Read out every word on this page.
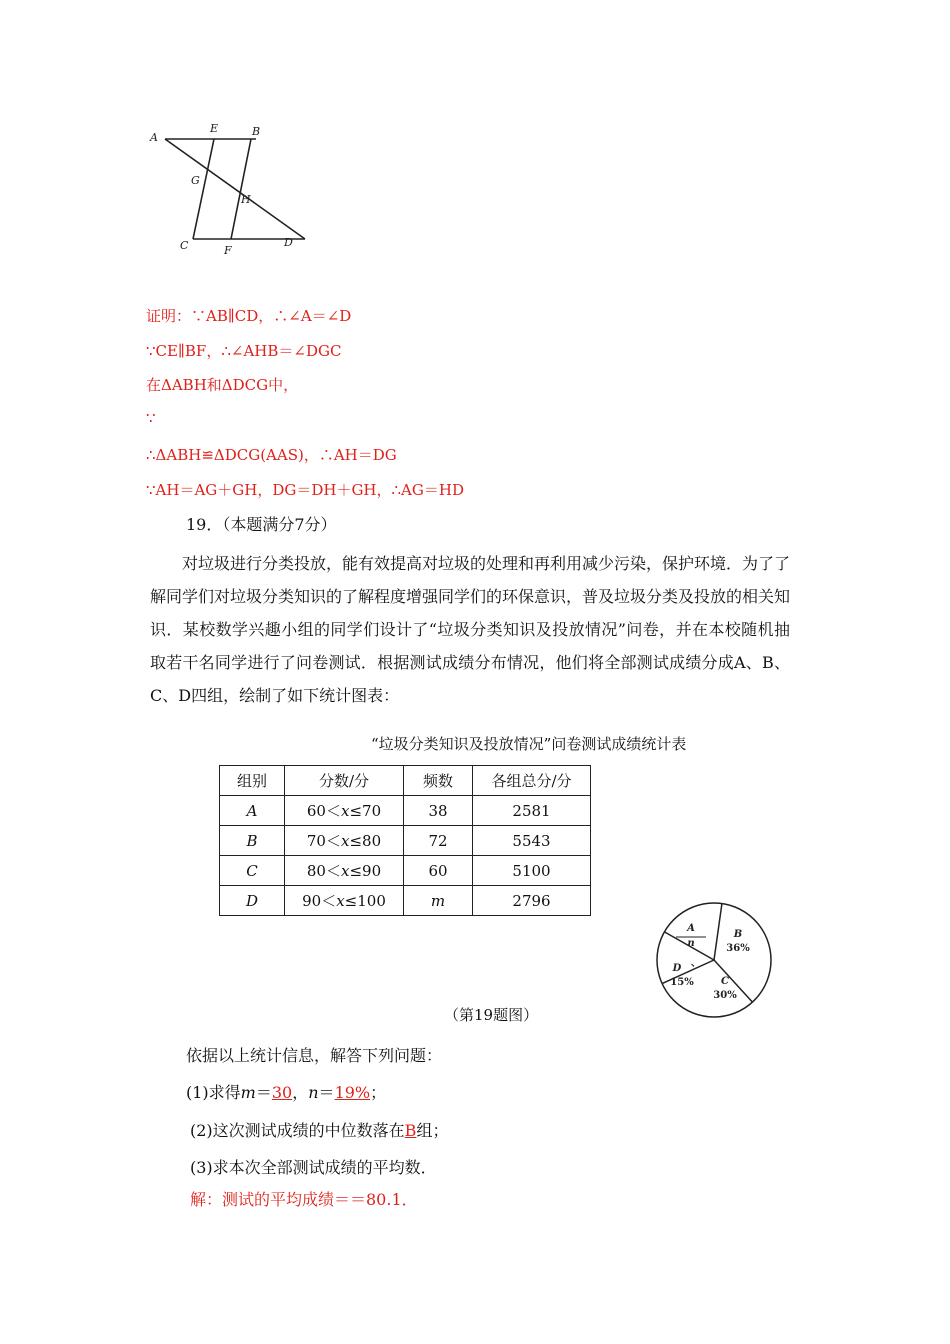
A
E	B
G
H
C	F
D
证明：∵AB∥CD，∴∠A＝∠D
∵CE∥BF，∴∠AHB＝∠DGC
在ΔABH和ΔDCG中，
∵
∴ΔABH≌ΔDCG(AAS)，∴AH＝DG
∵AH＝AG＋GH，DG＝DH＋GH，∴AG＝HD
19．（本题满分7分）
对垃圾进行分类投放，能有效提高对垃圾的处理和再利用减少污染，保护环境．为了了解同学们对垃圾分类知识的了解程度增强同学们的环保意识，普及垃圾分类及投放的相关知识．某校数学兴趣小组的同学们设计了“垃圾分类知识及投放情况”问卷，并在本校随机抽取若干名同学进行了问卷测试．根据测试成绩分布情况，他们将全部测试成绩分成A、B、C、D四组，绘制了如下统计图表：
“垃圾分类知识及投放情况”问卷测试成绩统计表
组别	分数/分	频数	各组总分/分
A	60＜x≤70	38	2581
B	70＜x≤80	72	5543
C	80＜x≤90	60	5100
D	90＜x≤100	m	2796
A
n
B
36%
C
30%
D 、
15%
（第19题图）
依据以上统计信息，解答下列问题：
(1)求得m＝30，n＝19%；
(2)这次测试成绩的中位数落在B组；
(3)求本次全部测试成绩的平均数．
解：测试的平均成绩＝＝80.1．
